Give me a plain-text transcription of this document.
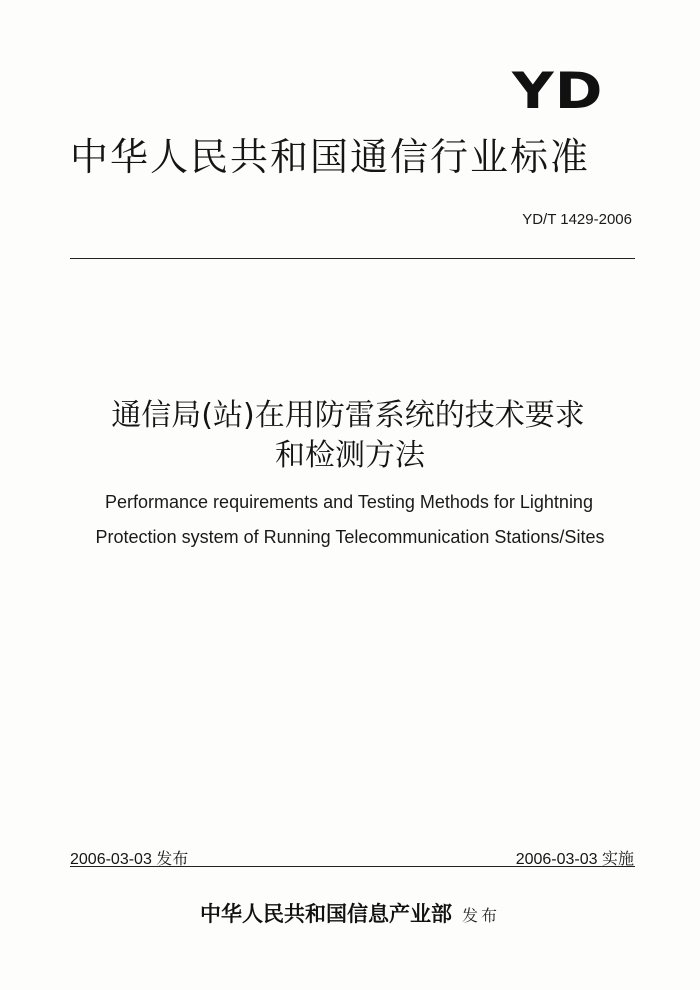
YD
中华人民共和国通信行业标准
YD/T 1429-2006
通信局(站)在用防雷系统的技术要求
和检测方法
Performance requirements and Testing Methods for Lightning
Protection system of Running Telecommunication Stations/Sites
2006-03-03 发布	2006-03-03 实施
中华人民共和国信息产业部 发布
